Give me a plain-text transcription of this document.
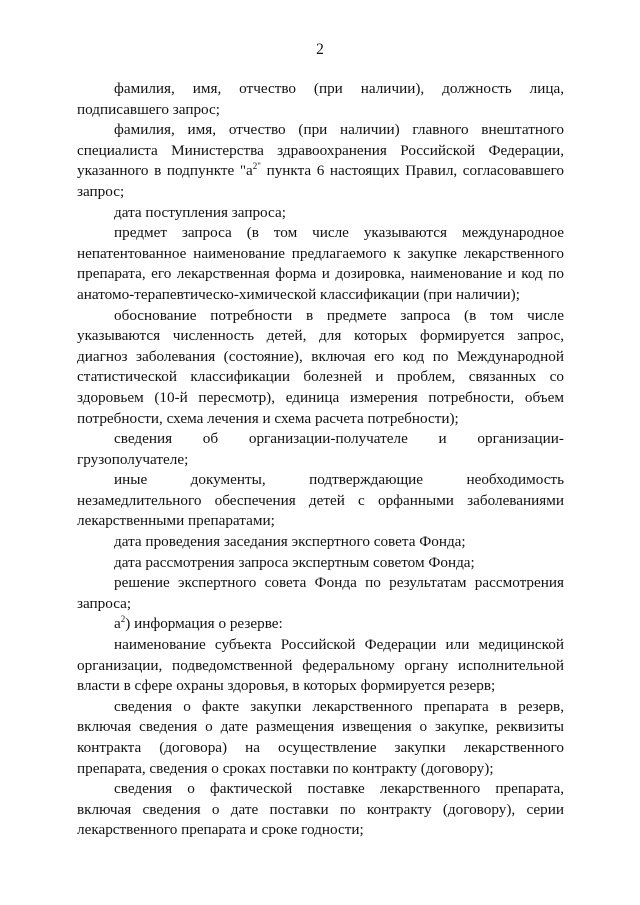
2

фамилия, имя, отчество (при наличии), должность лица, подписавшего запрос;

фамилия, имя, отчество (при наличии) главного внештатного специалиста Министерства здравоохранения Российской Федерации, указанного в подпункте "$а^{2"}$ пункта 6 настоящих Правил, согласовавшего запрос;

дата поступления запроса;

предмет запроса (в том числе указываются международное непатентованное наименование предлагаемого к закупке лекарственного препарата, его лекарственная форма и дозировка, наименование и код по анатомо-терапевтическо-химической классификации (при наличии);

обоснование потребности в предмете запроса (в том числе указываются численность детей, для которых формируется запрос, диагноз заболевания (состояние), включая его код по Международной статистической классификации болезней и проблем, связанных со здоровьем (10-й пересмотр), единица измерения потребности, объем потребности, схема лечения и схема расчета потребности);

сведения об организации-получателе и организации-грузополучателе;

иные документы, подтверждающие необходимость незамедлительного обеспечения детей с орфанными заболеваниями лекарственными препаратами;

дата проведения заседания экспертного совета Фонда;

дата рассмотрения запроса экспертным советом Фонда;

решение экспертного совета Фонда по результатам рассмотрения запроса;

$а^2$) информация о резерве:

наименование субъекта Российской Федерации или медицинской организации, подведомственной федеральному органу исполнительной власти в сфере охраны здоровья, в которых формируется резерв;

сведения о факте закупки лекарственного препарата в резерв, включая сведения о дате размещения извещения о закупке, реквизиты контракта (договора) на осуществление закупки лекарственного препарата, сведения о сроках поставки по контракту (договору);

сведения о фактической поставке лекарственного препарата, включая сведения о дате поставки по контракту (договору), серии лекарственного препарата и сроке годности;
